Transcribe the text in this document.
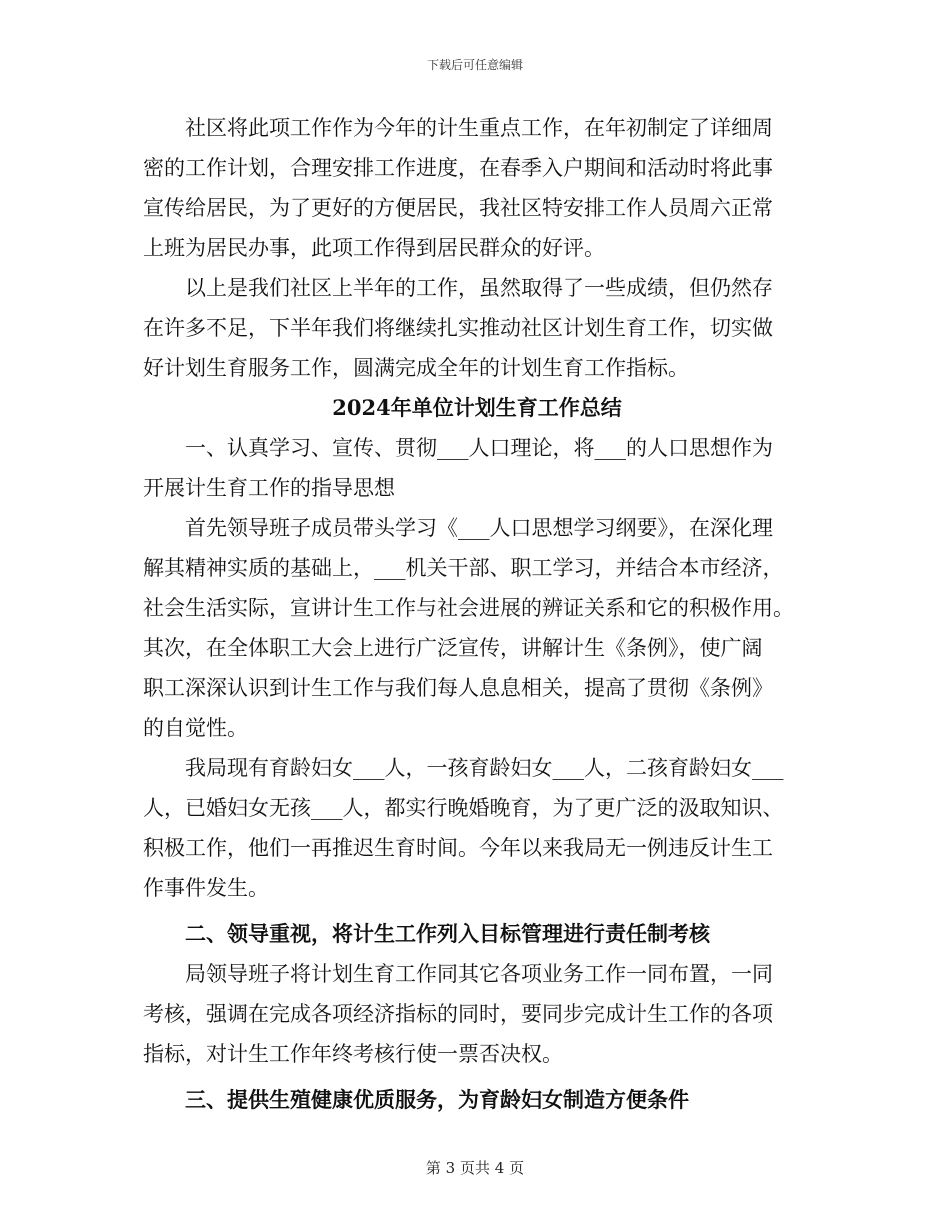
下载后可任意编辑
社区将此项工作作为今年的计生重点工作，在年初制定了详细周
密的工作计划，合理安排工作进度，在春季入户期间和活动时将此事
宣传给居民，为了更好的方便居民，我社区特安排工作人员周六正常
上班为居民办事，此项工作得到居民群众的好评。
以上是我们社区上半年的工作，虽然取得了一些成绩，但仍然存
在许多不足，下半年我们将继续扎实推动社区计划生育工作，切实做
好计划生育服务工作，圆满完成全年的计划生育工作指标。
2024年单位计划生育工作总结
一、认真学习、宣传、贯彻___人口理论，将___的人口思想作为
开展计生育工作的指导思想
首先领导班子成员带头学习《___人口思想学习纲要》，在深化理
解其精神实质的基础上，___机关干部、职工学习，并结合本市经济，
社会生活实际，宣讲计生工作与社会进展的辨证关系和它的积极作用。
其次，在全体职工大会上进行广泛宣传，讲解计生《条例》，使广阔
职工深深认识到计生工作与我们每人息息相关，提高了贯彻《条例》
的自觉性。
我局现有育龄妇女___人，一孩育龄妇女___人，二孩育龄妇女___
人，已婚妇女无孩___人，都实行晚婚晚育，为了更广泛的汲取知识、
积极工作，他们一再推迟生育时间。今年以来我局无一例违反计生工
作事件发生。
二、领导重视，将计生工作列入目标管理进行责任制考核
局领导班子将计划生育工作同其它各项业务工作一同布置，一同
考核，强调在完成各项经济指标的同时，要同步完成计生工作的各项
指标，对计生工作年终考核行使一票否决权。
三、提供生殖健康优质服务，为育龄妇女制造方便条件
第 3 页共 4 页
